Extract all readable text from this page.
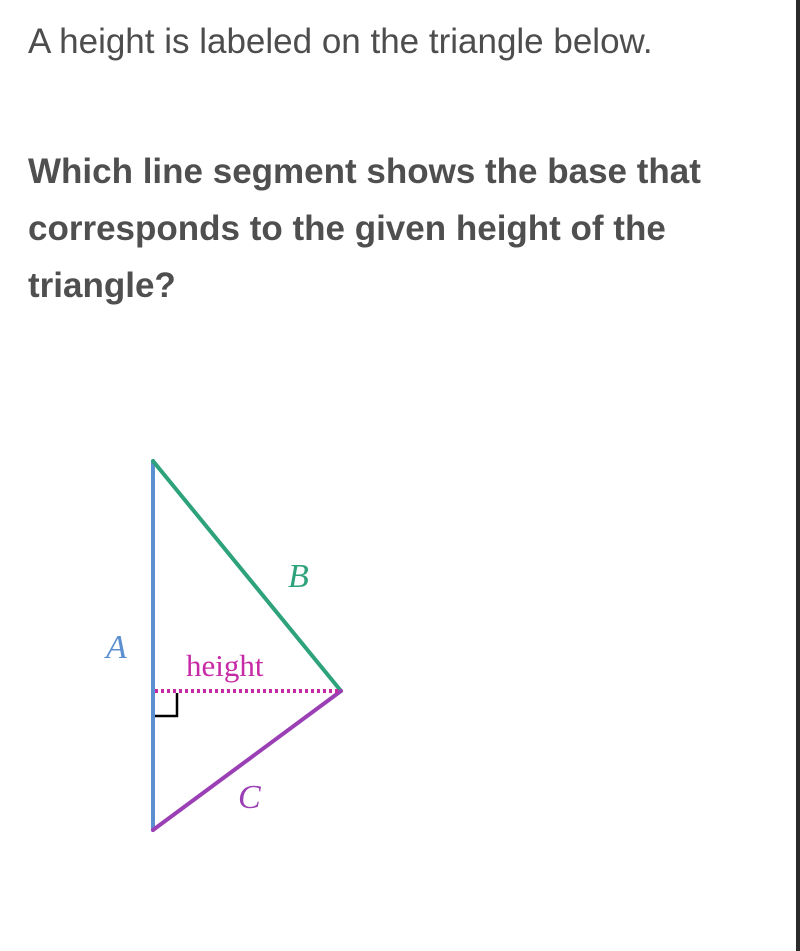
A height is labeled on the triangle below.

Which line segment shows the base that corresponds to the given height of the triangle?

A
B
C
height
